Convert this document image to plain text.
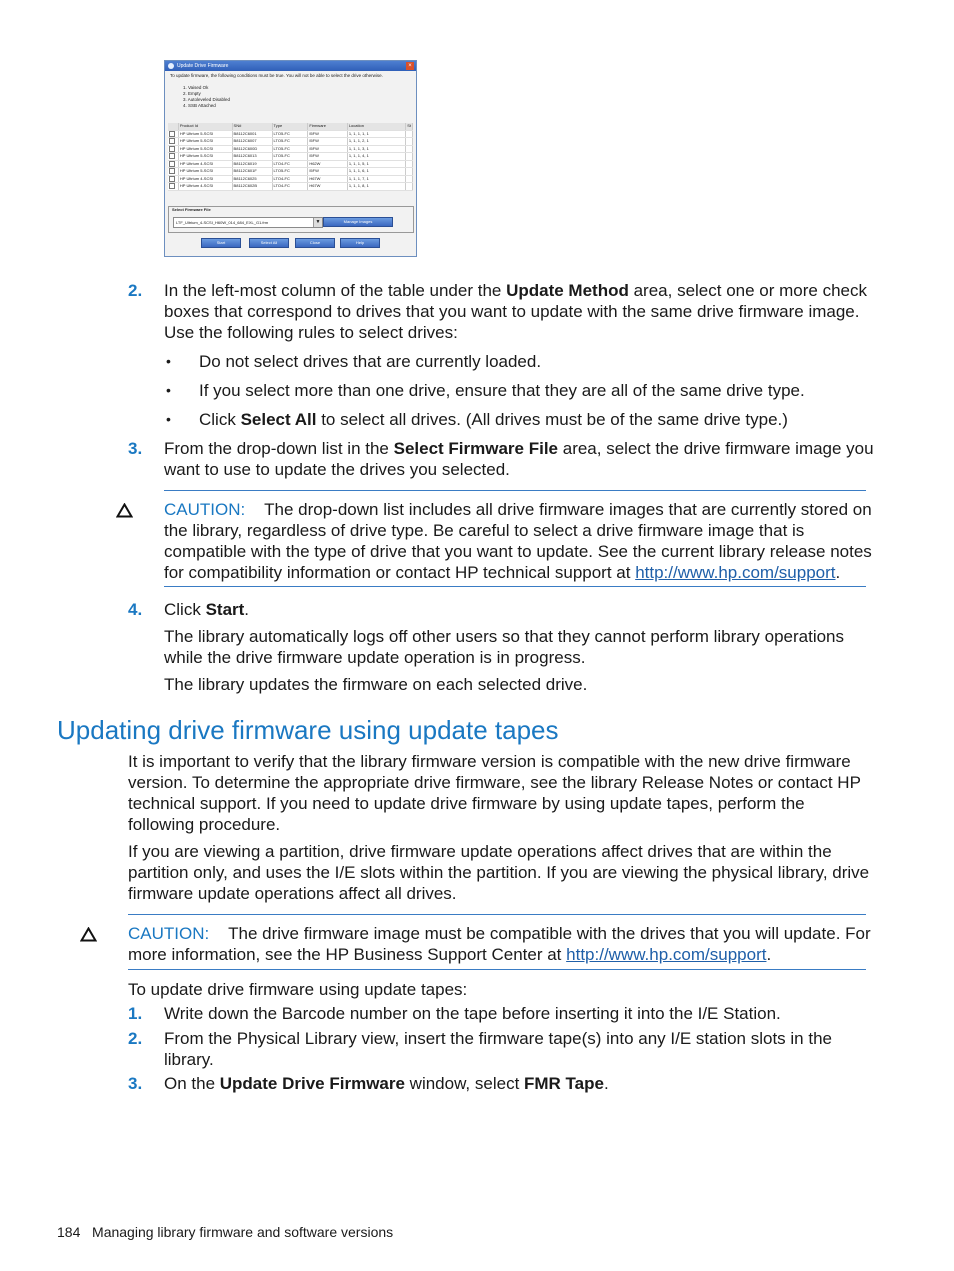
Update Drive Firmware	×
To update firmware, the following conditions must be true. You will not be able to select the drive otherwise.
1. Vaised Ok
2. Empty
3. Autoleveled Disabled
4. SSB Attached
	Product Id	SN#	Type	Firmware	Location	St
	HP Ultrium 5-SCSI	B8112C6001	LTO5-FC	I5FW	1, 1, 1, 1, 1	
	HP Ultrium 5-SCSI	B8112C6007	LTO5-FC	I5FW	1, 1, 1, 2, 1	
	HP Ultrium 5-SCSI	B8112C600D	LTO5-FC	I5FW	1, 1, 1, 3, 1	
	HP Ultrium 5-SCSI	B8112C6013	LTO5-FC	I5FW	1, 1, 1, 4, 1	
	HP Ultrium 4-SCSI	B8112C6019	LTO4-FC	H62W	1, 1, 1, 5, 1	
	HP Ultrium 5-SCSI	B8112C601F	LTO5-FC	I5FW	1, 1, 1, 6, 1	
	HP Ultrium 4-SCSI	B8112C6025	LTO4-FC	H67W	1, 1, 1, 7, 1	
	HP Ultrium 4-SCSI	B8112C602B	LTO4-FC	H67W	1, 1, 1, 8, 1	
Select Firmware File
LTF_Ultrium_4-SCSI_H60W_014_684_EXL_G1.frm	▼	Manage Images
Start	Select All	Close	Help
2. In the left-most column of the table under the Update Method area, select one or more check boxes that correspond to drives that you want to update with the same drive firmware image. Use the following rules to select drives:
• Do not select drives that are currently loaded.
• If you select more than one drive, ensure that they are all of the same drive type.
• Click Select All to select all drives. (All drives must be of the same drive type.)
3. From the drop-down list in the Select Firmware File area, select the drive firmware image you want to use to update the drives you selected.
CAUTION: The drop-down list includes all drive firmware images that are currently stored on the library, regardless of drive type. Be careful to select a drive firmware image that is compatible with the type of drive that you want to update. See the current library release notes for compatibility information or contact HP technical support at http://www.hp.com/support.
4. Click Start.
The library automatically logs off other users so that they cannot perform library operations while the drive firmware update operation is in progress.
The library updates the firmware on each selected drive.
Updating drive firmware using update tapes
It is important to verify that the library firmware version is compatible with the new drive firmware version. To determine the appropriate drive firmware, see the library Release Notes or contact HP technical support. If you need to update drive firmware by using update tapes, perform the following procedure.
If you are viewing a partition, drive firmware update operations affect drives that are within the partition only, and uses the I/E slots within the partition. If you are viewing the physical library, drive firmware update operations affect all drives.
CAUTION: The drive firmware image must be compatible with the drives that you will update. For more information, see the HP Business Support Center at http://www.hp.com/support.
To update drive firmware using update tapes:
1. Write down the Barcode number on the tape before inserting it into the I/E Station.
2. From the Physical Library view, insert the firmware tape(s) into any I/E station slots in the library.
3. On the Update Drive Firmware window, select FMR Tape.
184 Managing library firmware and software versions
